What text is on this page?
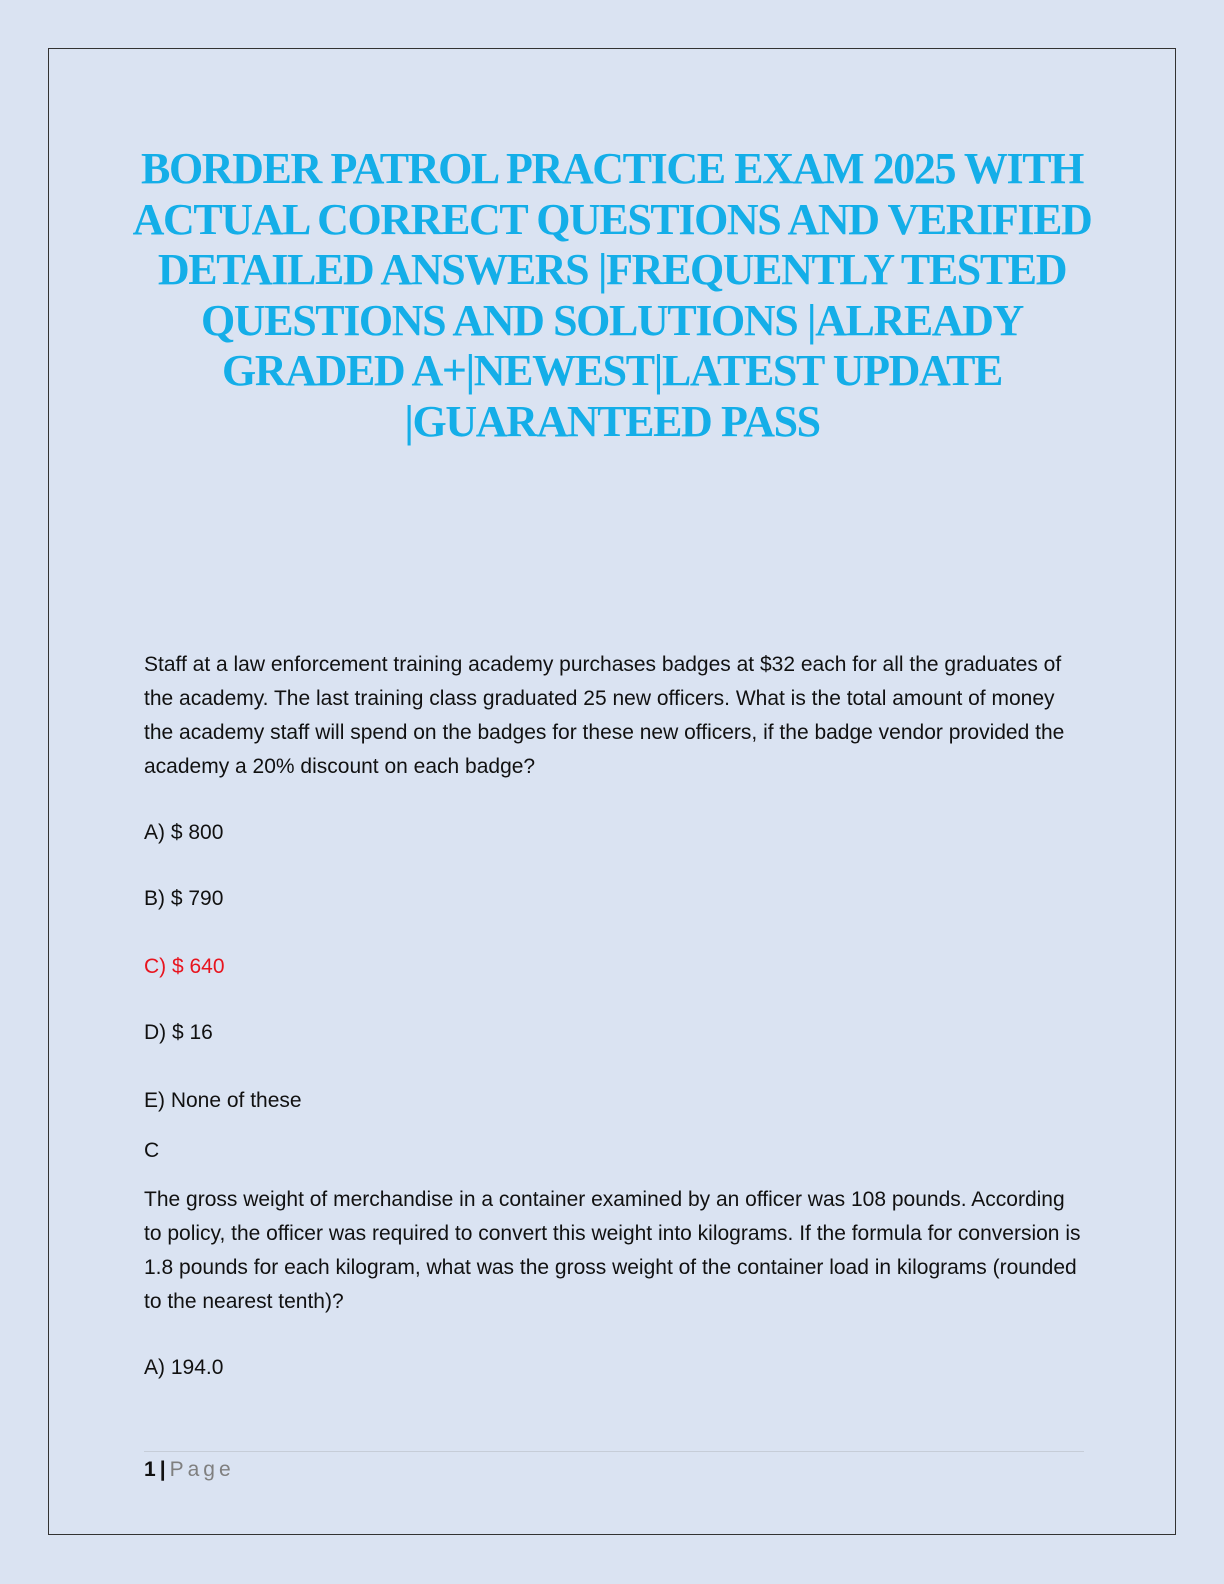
BORDER PATROL PRACTICE EXAM 2025 WITH ACTUAL CORRECT QUESTIONS AND VERIFIED DETAILED ANSWERS |FREQUENTLY TESTED QUESTIONS AND SOLUTIONS |ALREADY GRADED A+|NEWEST|LATEST UPDATE |GUARANTEED PASS

Staff at a law enforcement training academy purchases badges at $32 each for all the graduates of the academy. The last training class graduated 25 new officers. What is the total amount of money the academy staff will spend on the badges for these new officers, if the badge vendor provided the academy a 20% discount on each badge?

A) $ 800

B) $ 790

C) $ 640

D) $ 16

E) None of these

C

The gross weight of merchandise in a container examined by an officer was 108 pounds. According to policy, the officer was required to convert this weight into kilograms. If the formula for conversion is 1.8 pounds for each kilogram, what was the gross weight of the container load in kilograms (rounded to the nearest tenth)?

A) 194.0

1 | Page
